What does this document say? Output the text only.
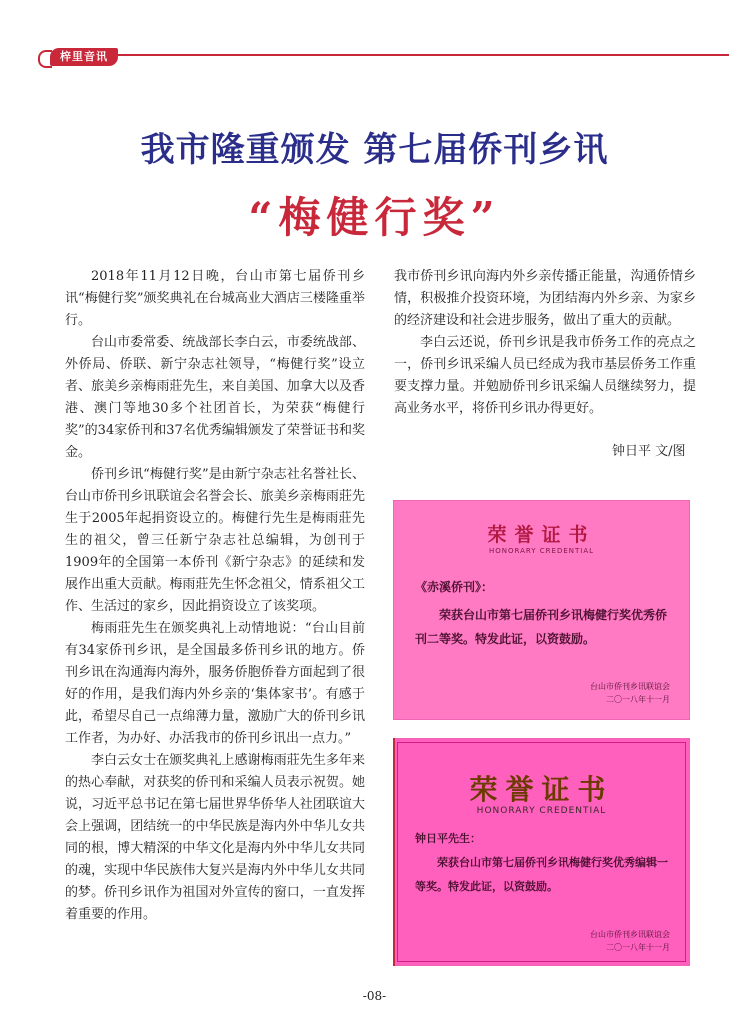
梓里音讯
我市隆重颁发 第七届侨刊乡讯
“梅健行奖”

2018年11月12日晚，台山市第七届侨刊乡讯“梅健行奖”颁奖典礼在台城高业大酒店三楼隆重举行。

台山市委常委、统战部长李白云，市委统战部、外侨局、侨联、新宁杂志社领导，“梅健行奖”设立者、旅美乡亲梅雨莊先生，来自美国、加拿大以及香港、澳门等地30多个社团首长，为荣获“梅健行奖”的34家侨刊和37名优秀编辑颁发了荣誉证书和奖金。

侨刊乡讯“梅健行奖”是由新宁杂志社名誉社长、台山市侨刊乡讯联谊会名誉会长、旅美乡亲梅雨莊先生于2005年起捐资设立的。梅健行先生是梅雨莊先生的祖父，曾三任新宁杂志社总编辑，为创刊于1909年的全国第一本侨刊《新宁杂志》的延续和发展作出重大贡献。梅雨莊先生怀念祖父，情系祖父工作、生活过的家乡，因此捐资设立了该奖项。

梅雨莊先生在颁奖典礼上动情地说：“台山目前有34家侨刊乡讯，是全国最多侨刊乡讯的地方。侨刊乡讯在沟通海内海外，服务侨胞侨眷方面起到了很好的作用，是我们海内外乡亲的‘集体家书’。有感于此，希望尽自己一点绵薄力量，激励广大的侨刊乡讯工作者，为办好、办活我市的侨刊乡讯出一点力。”

李白云女士在颁奖典礼上感谢梅雨莊先生多年来的热心奉献，对获奖的侨刊和采编人员表示祝贺。她说，习近平总书记在第七届世界华侨华人社团联谊大会上强调，团结统一的中华民族是海内外中华儿女共同的根，博大精深的中华文化是海内外中华儿女共同的魂，实现中华民族伟大复兴是海内外中华儿女共同的梦。侨刊乡讯作为祖国对外宣传的窗口，一直发挥着重要的作用。

我市侨刊乡讯向海内外乡亲传播正能量，沟通侨情乡情，积极推介投资环境，为团结海内外乡亲、为家乡的经济建设和社会进步服务，做出了重大的贡献。

李白云还说，侨刊乡讯是我市侨务工作的亮点之一，侨刊乡讯采编人员已经成为我市基层侨务工作重要支撑力量。并勉励侨刊乡讯采编人员继续努力，提高业务水平，将侨刊乡讯办得更好。

钟日平 文/图
荣誉证书
HONORARY CREDENTIAL
《赤溪侨刊》：
荣获台山市第七届侨刊乡讯梅健行奖优秀侨刊二等奖。特发此证，以资鼓励。
台山市侨刊乡讯联谊会
二〇一八年十一月
荣誉证书
HONORARY CREDENTIAL
钟日平先生：
荣获台山市第七届侨刊乡讯梅健行奖优秀编辑一等奖。特发此证，以资鼓励。
台山市侨刊乡讯联谊会
二〇一八年十一月
-08-
